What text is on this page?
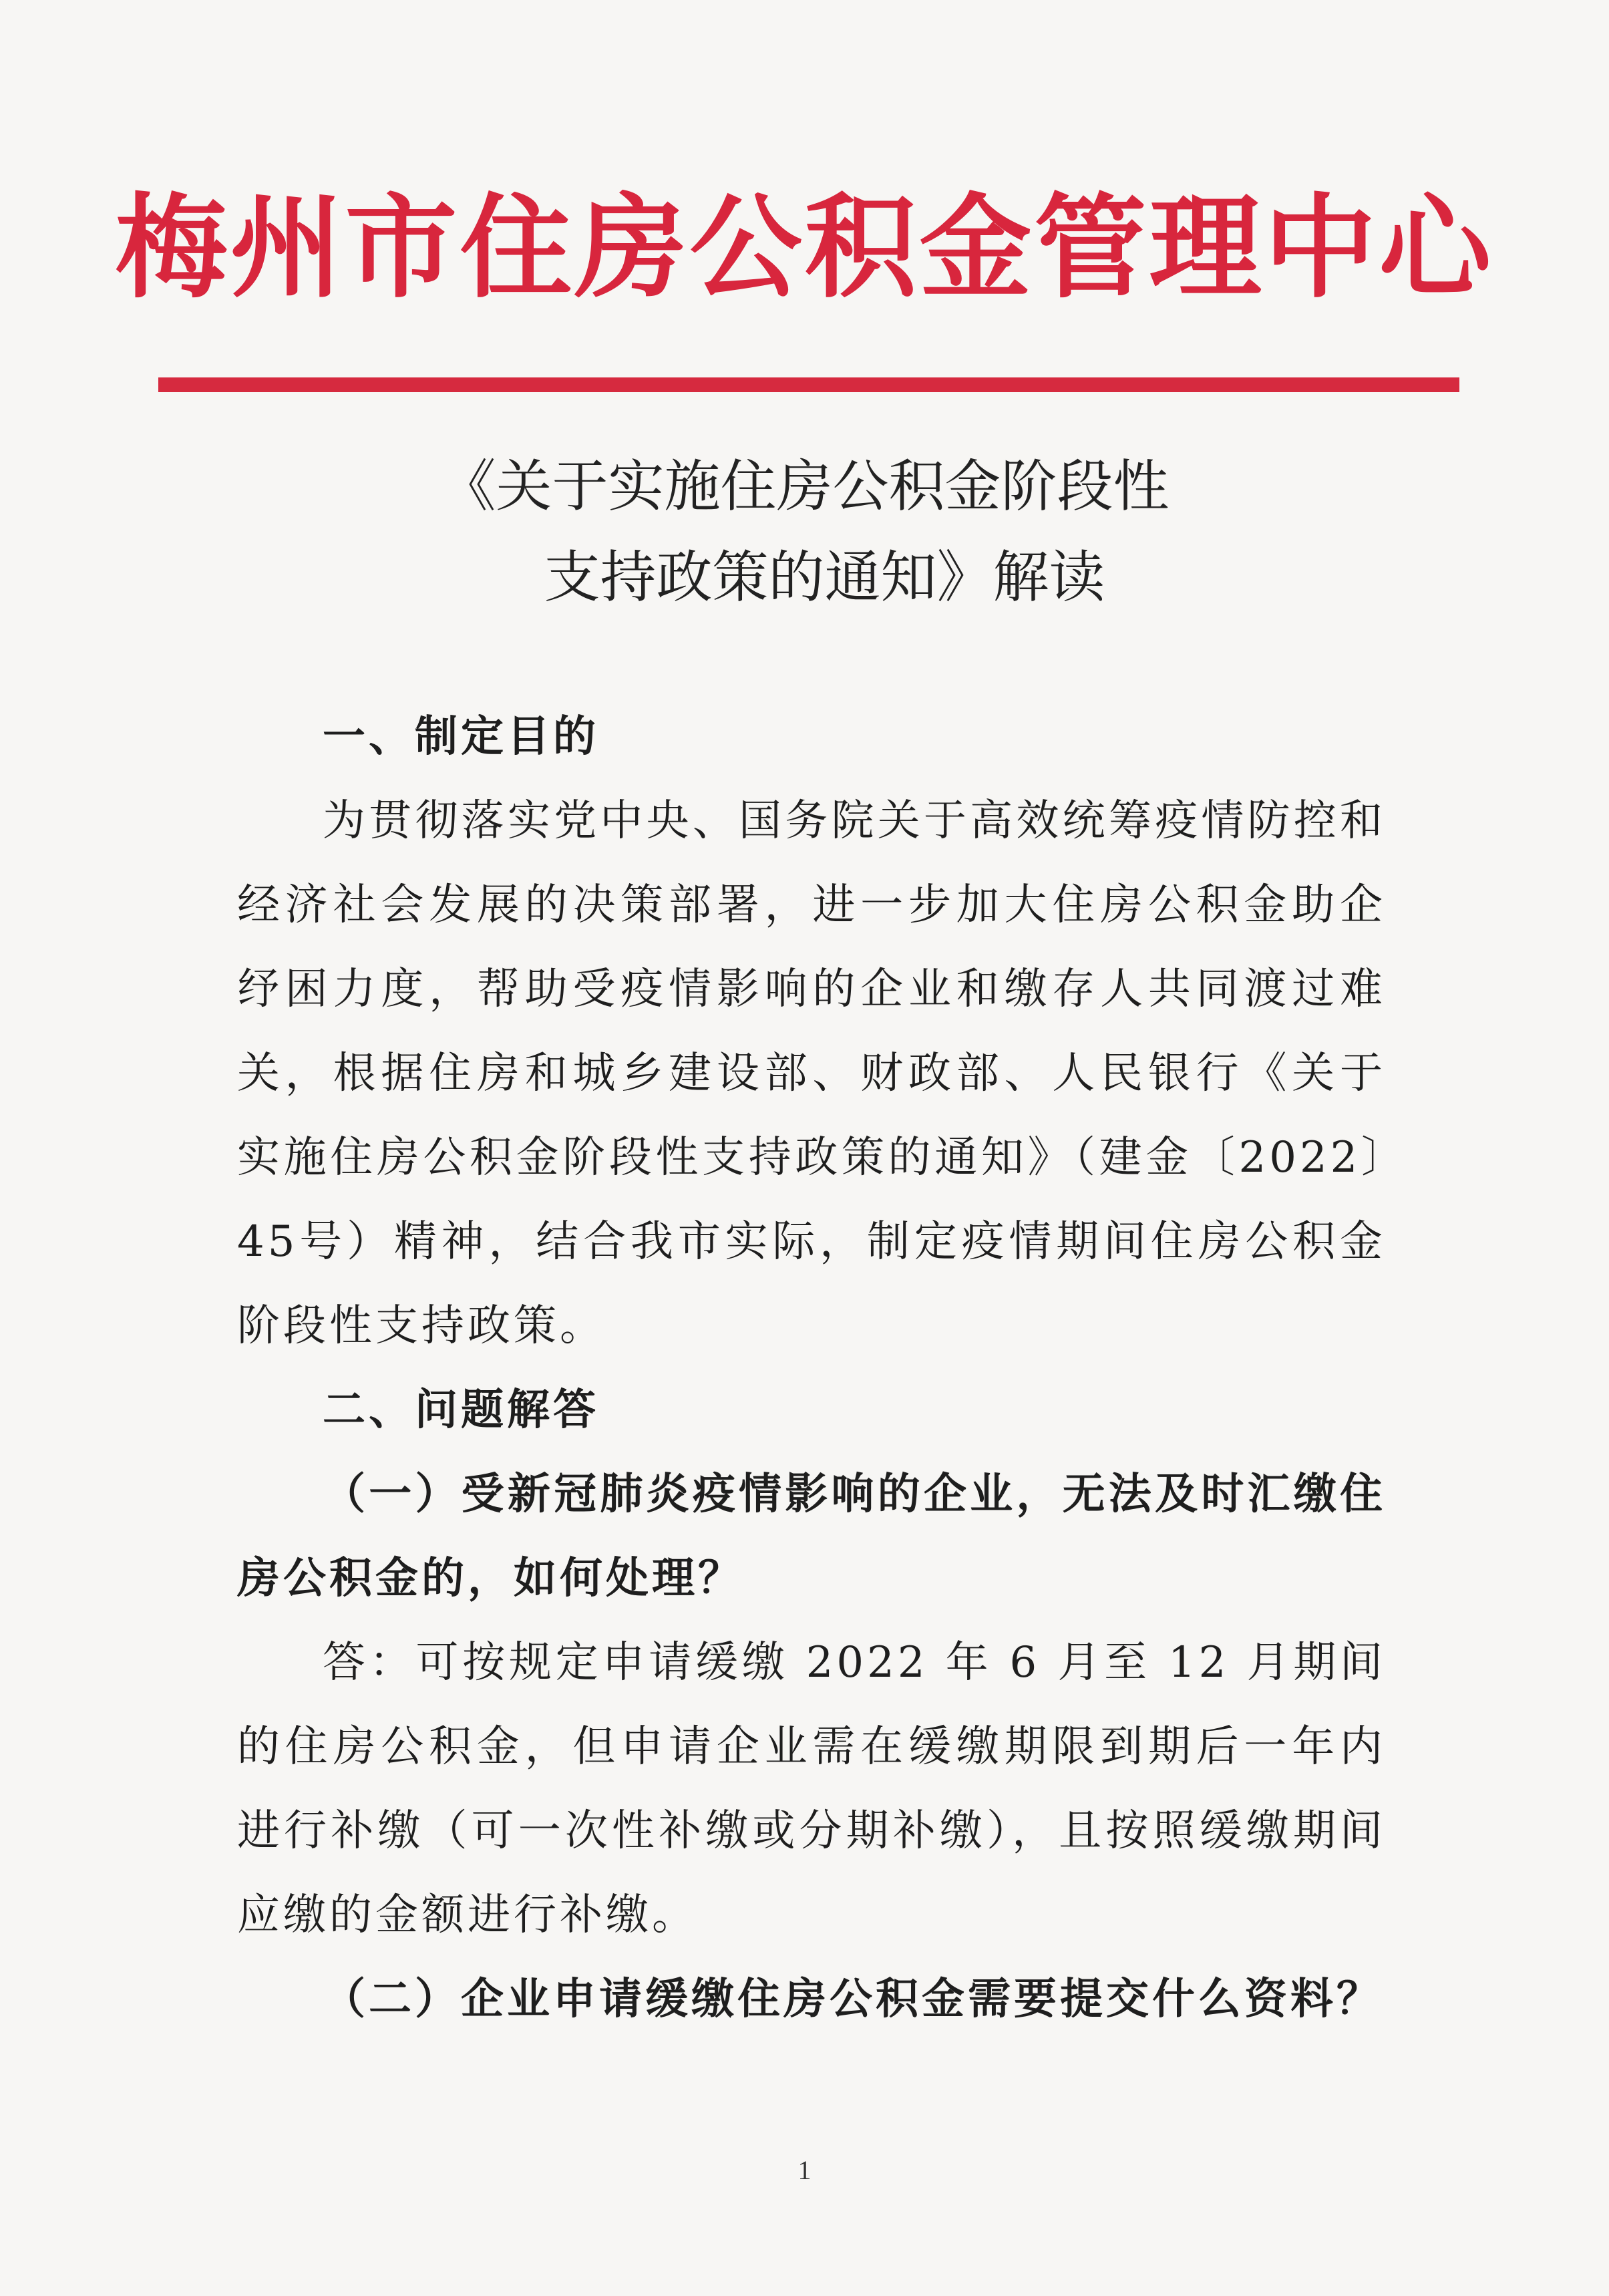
梅州市住房公积金管理中心
《关于实施住房公积金阶段性
支持政策的通知》解读

一、制定目的

为贯彻落实党中央、国务院关于高效统筹疫情防控和经济社会发展的决策部署，进一步加大住房公积金助企纾困力度，帮助受疫情影响的企业和缴存人共同渡过难关，根据住房和城乡建设部、财政部、人民银行《关于实施住房公积金阶段性支持政策的通知》（建金〔2022〕45号）精神，结合我市实际，制定疫情期间住房公积金阶段性支持政策。

二、问题解答

（一）受新冠肺炎疫情影响的企业，无法及时汇缴住房公积金的，如何处理？

答：可按规定申请缓缴 2022 年 6 月至 12 月期间的住房公积金，但申请企业需在缓缴期限到期后一年内进行补缴（可一次性补缴或分期补缴），且按照缓缴期间应缴的金额进行补缴。

（二）企业申请缓缴住房公积金需要提交什么资料？

1
